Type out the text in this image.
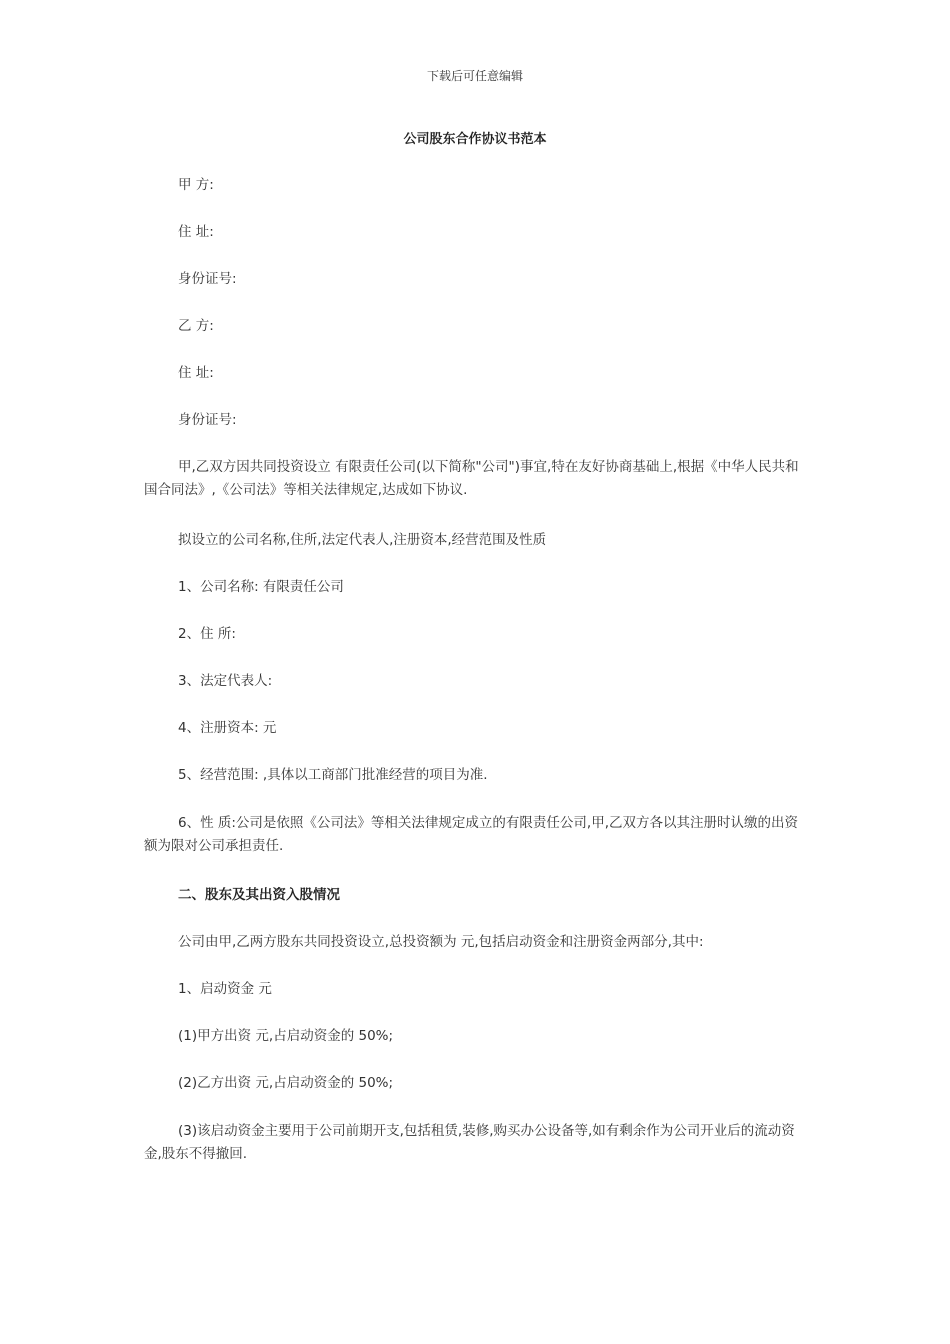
下载后可任意编辑
公司股东合作协议书范本
甲 方:
住 址:
身份证号:
乙 方:
住 址:
身份证号:
甲,乙双方因共同投资设立 有限责任公司(以下简称"公司")事宜,特在友好协商基础上,根据《中华人民共和国合同法》,《公司法》等相关法律规定,达成如下协议.
拟设立的公司名称,住所,法定代表人,注册资本,经营范围及性质
1、公司名称: 有限责任公司
2、住 所:
3、法定代表人:
4、注册资本: 元
5、经营范围: ,具体以工商部门批准经营的项目为准.
6、性 质:公司是依照《公司法》等相关法律规定成立的有限责任公司,甲,乙双方各以其注册时认缴的出资额为限对公司承担责任.
二、股东及其出资入股情况
公司由甲,乙两方股东共同投资设立,总投资额为 元,包括启动资金和注册资金两部分,其中:
1、启动资金 元
(1)甲方出资 元,占启动资金的 50%;
(2)乙方出资 元,占启动资金的 50%;
(3)该启动资金主要用于公司前期开支,包括租赁,装修,购买办公设备等,如有剩余作为公司开业后的流动资金,股东不得撤回.
